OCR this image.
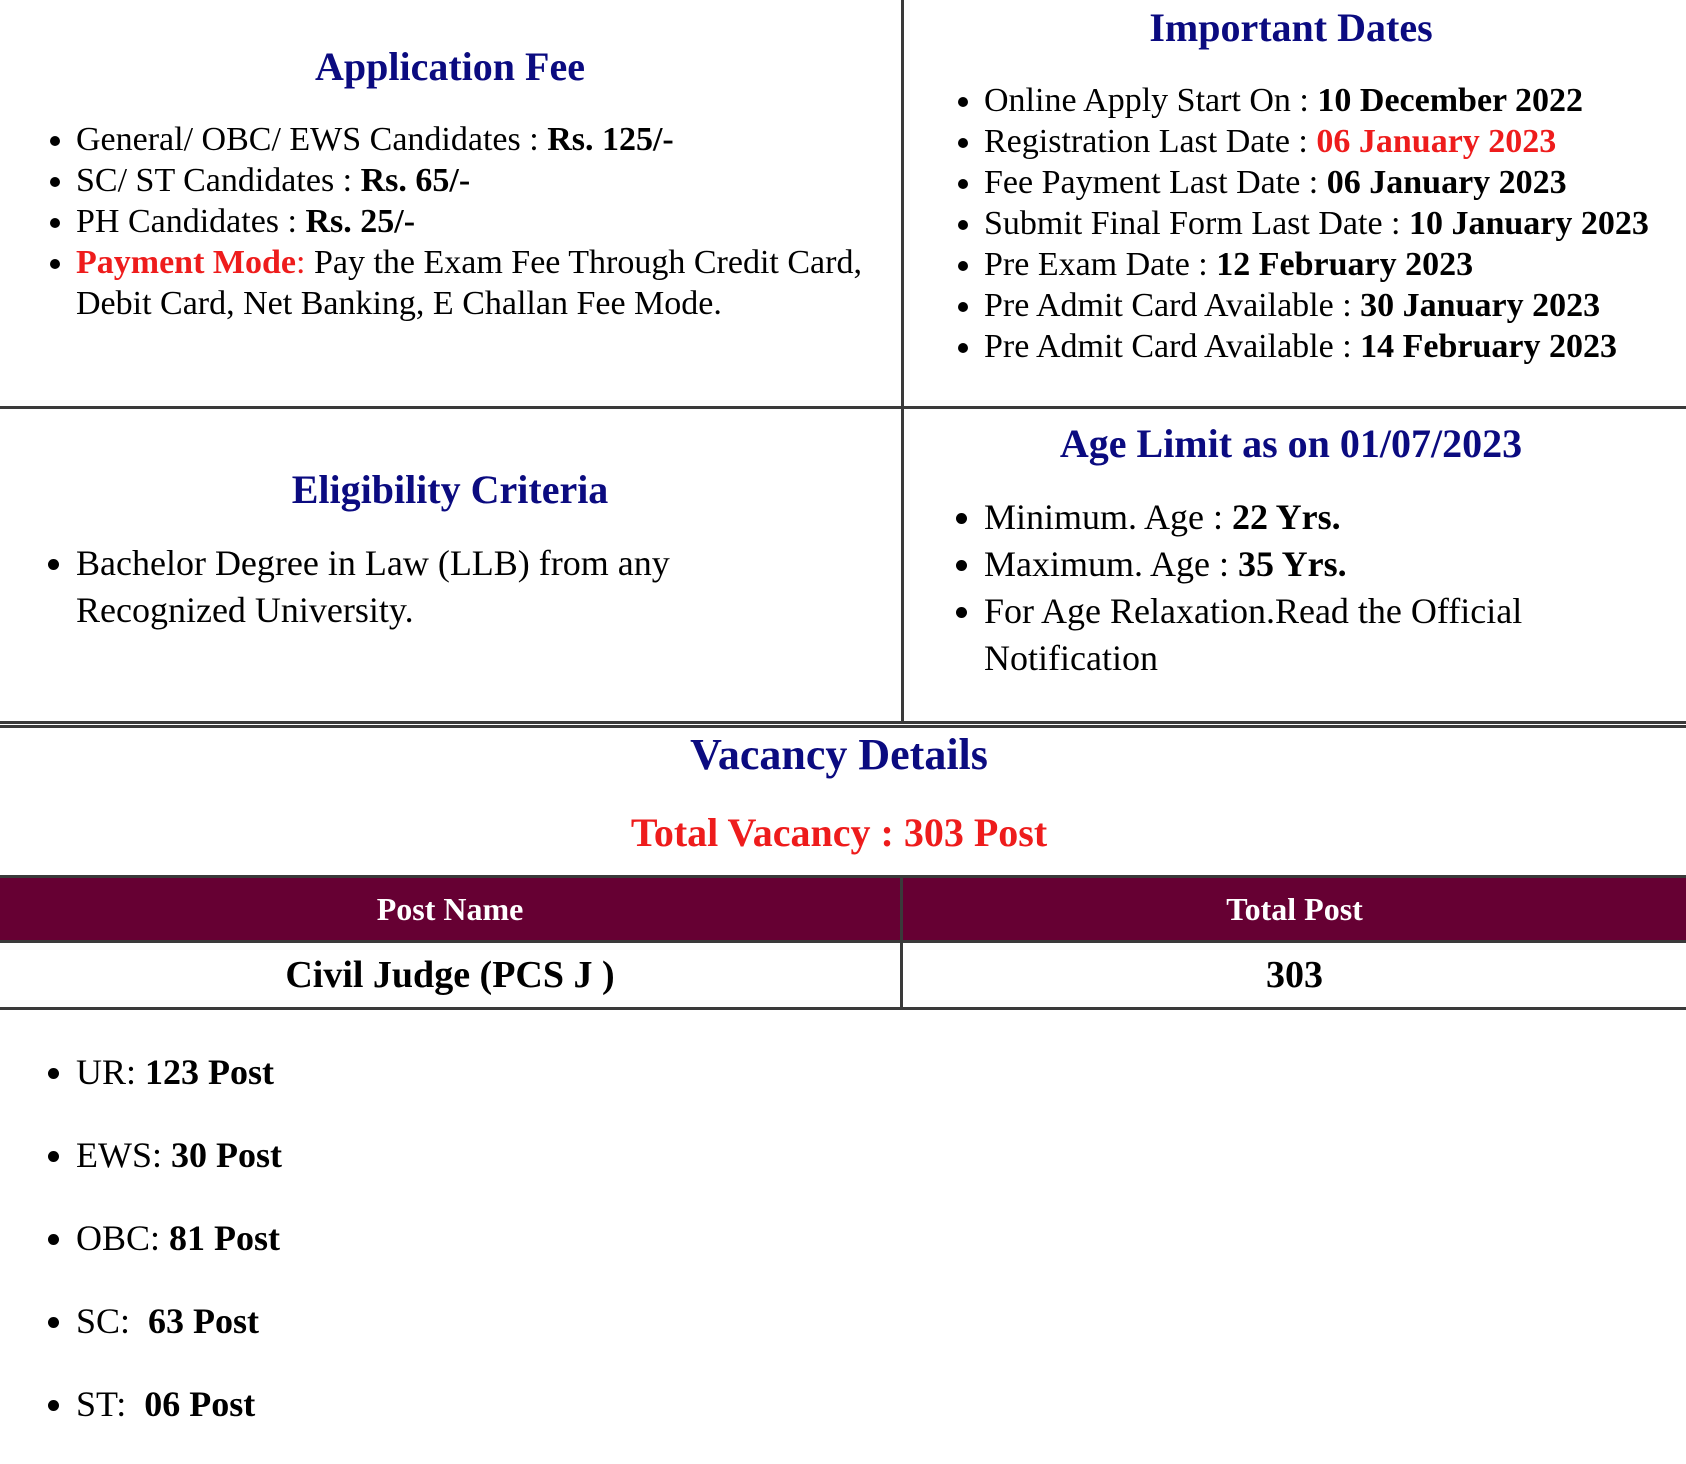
Application Fee
• General/ OBC/ EWS Candidates : Rs. 125/-
• SC/ ST Candidates : Rs. 65/-
• PH Candidates : Rs. 25/-
• Payment Mode: Pay the Exam Fee Through Credit Card, Debit Card, Net Banking, E Challan Fee Mode.
Important Dates
• Online Apply Start On : 10 December 2022
• Registration Last Date : 06 January 2023
• Fee Payment Last Date : 06 January 2023
• Submit Final Form Last Date : 10 January 2023
• Pre Exam Date : 12 February 2023
• Pre Admit Card Available : 30 January 2023
• Pre Admit Card Available : 14 February 2023
Eligibility Criteria
• Bachelor Degree in Law (LLB) from any Recognized University.
Age Limit as on 01/07/2023
• Minimum. Age : 22 Yrs.
• Maximum. Age : 35 Yrs.
• For Age Relaxation.Read the Official Notification
Vacancy Details
Total Vacancy : 303 Post
Post Name	Total Post
Civil Judge (PCS J )	303

• UR: 123 Post

• EWS: 30 Post

• OBC: 81 Post

• SC:  63 Post

• ST:  06 Post
